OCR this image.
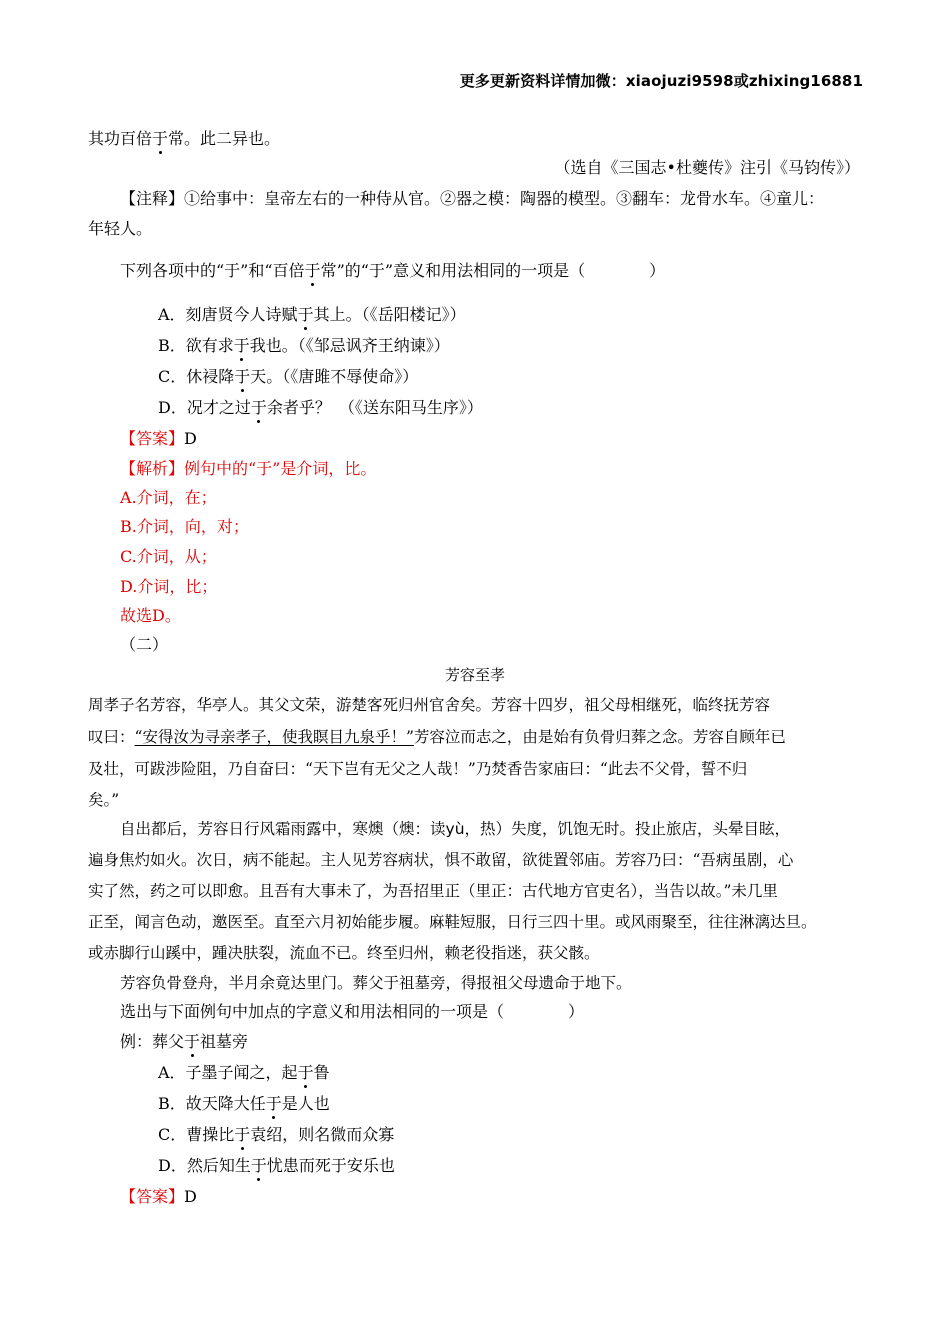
更多更新资料详情加微：xiaojuzi9598或zhixing16881
其功百倍于常。此二异也。
（选自《三国志•杜夔传》注引《马钧传》）
【注释】①给事中：皇帝左右的一种侍从官。②器之模：陶器的模型。③翻车：龙骨水车。④童儿：
年轻人。
下列各项中的“于”和“百倍于常”的“于”意义和用法相同的一项是（　　　　）
A．刻唐贤今人诗赋于其上。（《岳阳楼记》）
B．欲有求于我也。（《邹忌讽齐王纳谏》）
C．休祲降于天。（《唐雎不辱使命》）
D．况才之过于余者乎？　（《送东阳马生序》）
【答案】D
【解析】例句中的“于”是介词，比。
A.介词，在；
B.介词，向，对；
C.介词，从；
D.介词，比；
故选D。
（二）
芳容至孝
周孝子名芳容，华亭人。其父文荣，游楚客死归州官舍矣。芳容十四岁，祖父母相继死，临终抚芳容
叹曰：“安得汝为寻亲孝子，使我瞑目九泉乎！”芳容泣而志之，由是始有负骨归葬之念。芳容自顾年已
及壮，可跋涉险阻，乃自奋曰：“天下岂有无父之人哉！”乃焚香告家庙曰：“此去不父骨，誓不归
矣。”
自出都后，芳容日行风霜雨露中，寒燠（燠：读yù，热）失度，饥饱无时。投止旅店，头晕目眩，
遍身焦灼如火。次日，病不能起。主人见芳容病状，惧不敢留，欲徙置邻庙。芳容乃曰：“吾病虽剧，心
实了然，药之可以即愈。且吾有大事未了，为吾招里正（里正：古代地方官吏名），当告以故。”未几里
正至，闻言色动，邀医至。直至六月初始能步履。麻鞋短服，日行三四十里。或风雨聚至，往往淋漓达旦。
或赤脚行山蹊中，踵决肤裂，流血不已。终至归州，赖老役指迷，获父骸。
芳容负骨登舟，半月余竟达里门。葬父于祖墓旁，得报祖父母遗命于地下。
选出与下面例句中加点的字意义和用法相同的一项是（　　　　）
例：葬父于祖墓旁
A．子墨子闻之，起于鲁
B．故天降大任于是人也
C．曹操比于袁绍，则名微而众寡
D．然后知生于忧患而死于安乐也
【答案】D
